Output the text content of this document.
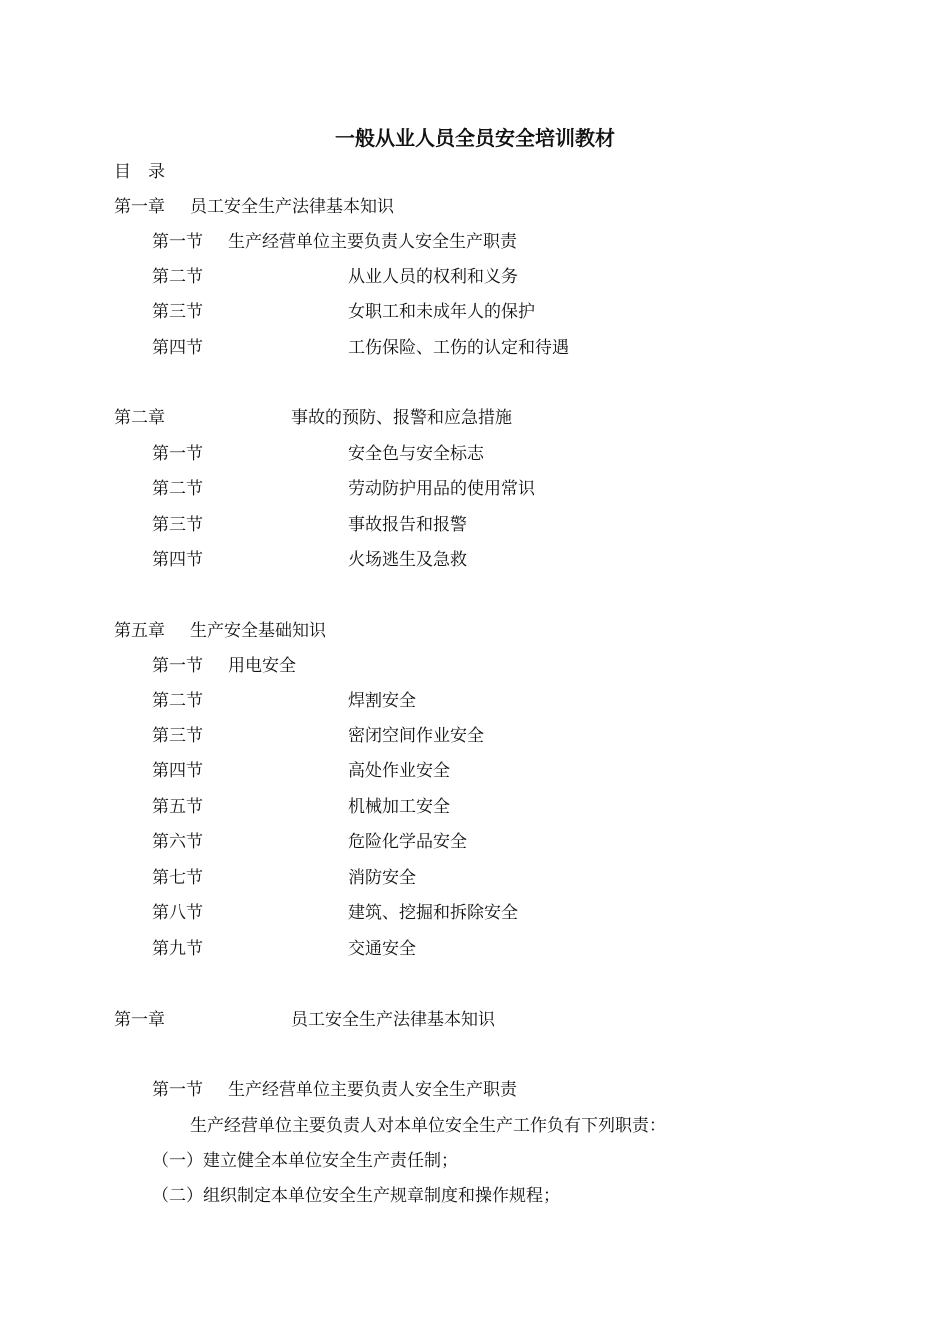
一般从业人员全员安全培训教材
目　录
第一章 员工安全生产法律基本知识
第一节 生产经营单位主要负责人安全生产职责
第二节	从业人员的权利和义务
第三节	女职工和未成年人的保护
第四节	工伤保险、工伤的认定和待遇
第二章	事故的预防、报警和应急措施
第一节	安全色与安全标志
第二节	劳动防护用品的使用常识
第三节	事故报告和报警
第四节	火场逃生及急救
第五章 生产安全基础知识
第一节 用电安全
第二节	焊割安全
第三节	密闭空间作业安全
第四节	高处作业安全
第五节	机械加工安全
第六节	危险化学品安全
第七节	消防安全
第八节	建筑、挖掘和拆除安全
第九节	交通安全
第一章	员工安全生产法律基本知识
第一节 生产经营单位主要负责人安全生产职责
生产经营单位主要负责人对本单位安全生产工作负有下列职责：
（一）建立健全本单位安全生产责任制；
（二）组织制定本单位安全生产规章制度和操作规程；
